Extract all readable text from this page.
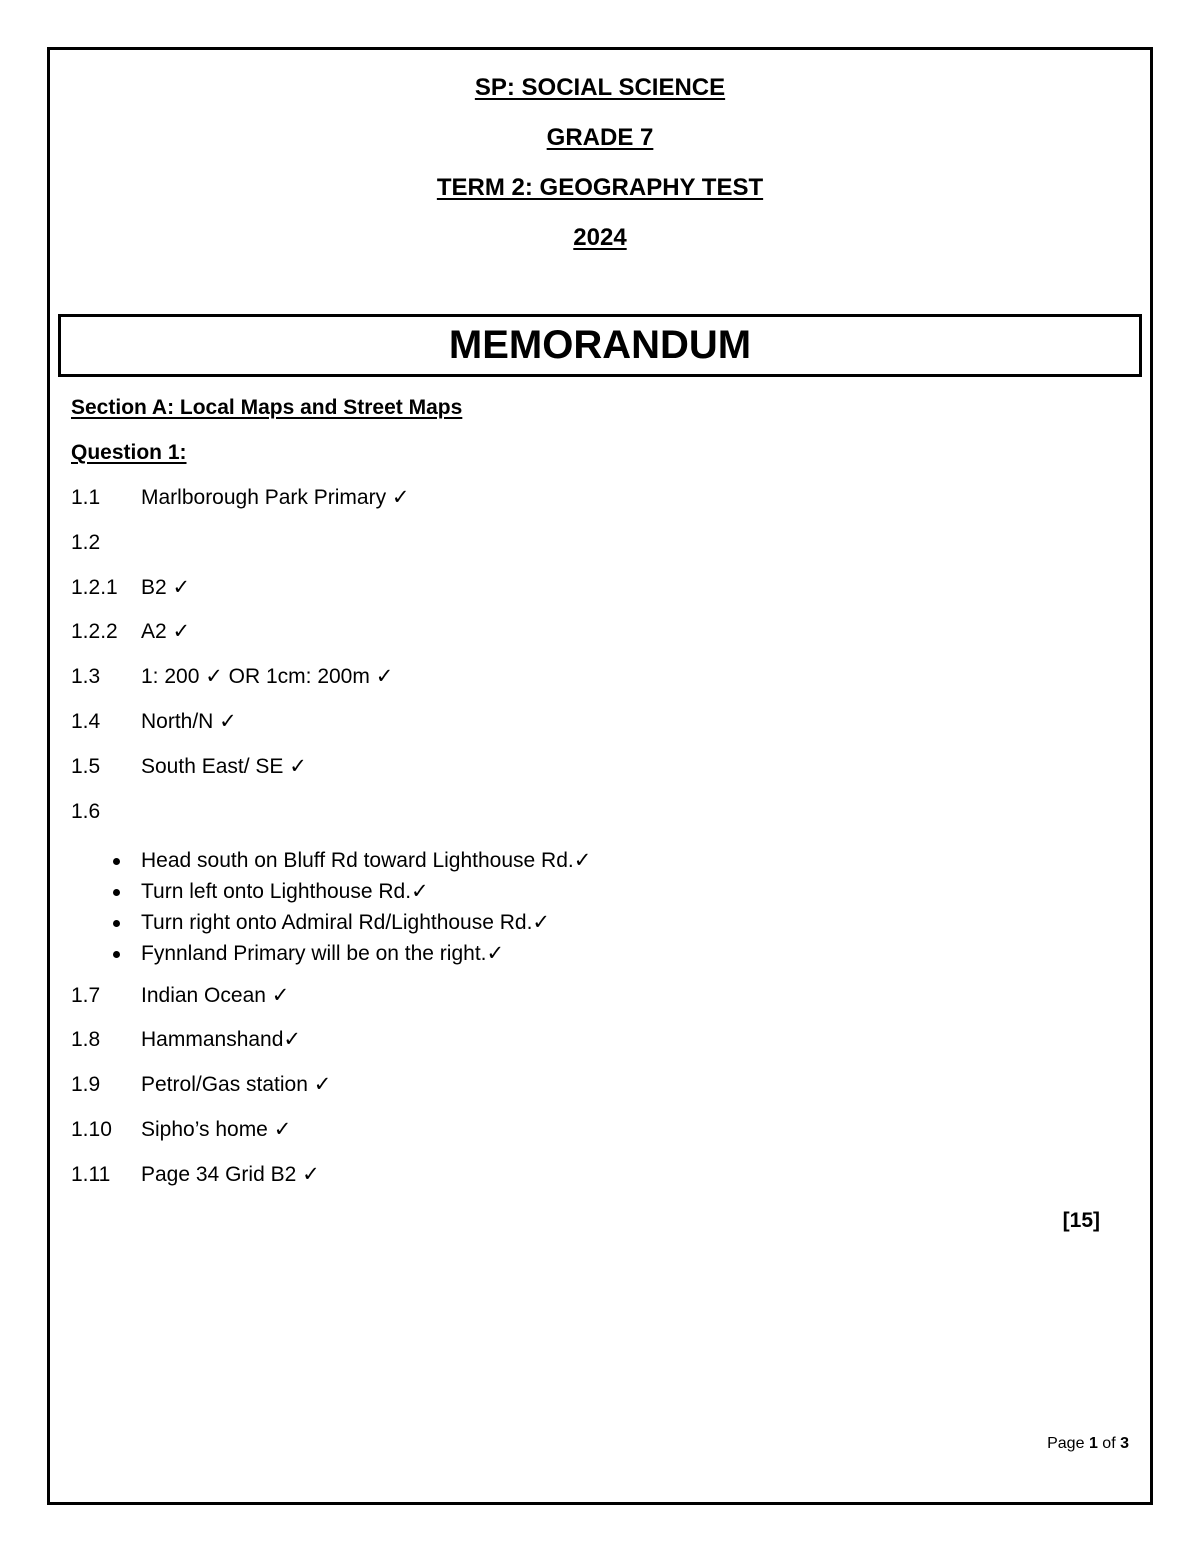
SP: SOCIAL SCIENCE
GRADE 7
TERM 2: GEOGRAPHY TEST
2024
MEMORANDUM
Section A: Local Maps and Street Maps
Question 1:
1.1 Marlborough Park Primary ✓
1.2
1.2.1 B2 ✓
1.2.2 A2 ✓
1.3 1: 200 ✓ OR 1cm: 200m ✓
1.4 North/N ✓
1.5 South East/ SE ✓
1.6
Head south on Bluff Rd toward Lighthouse Rd.✓
Turn left onto Lighthouse Rd.✓
Turn right onto Admiral Rd/Lighthouse Rd.✓
Fynnland Primary will be on the right.✓
1.7 Indian Ocean ✓
1.8 Hammanshand✓
1.9 Petrol/Gas station ✓
1.10 Sipho’s home ✓
1.11 Page 34 Grid B2 ✓
[15]
Page 1 of 3
